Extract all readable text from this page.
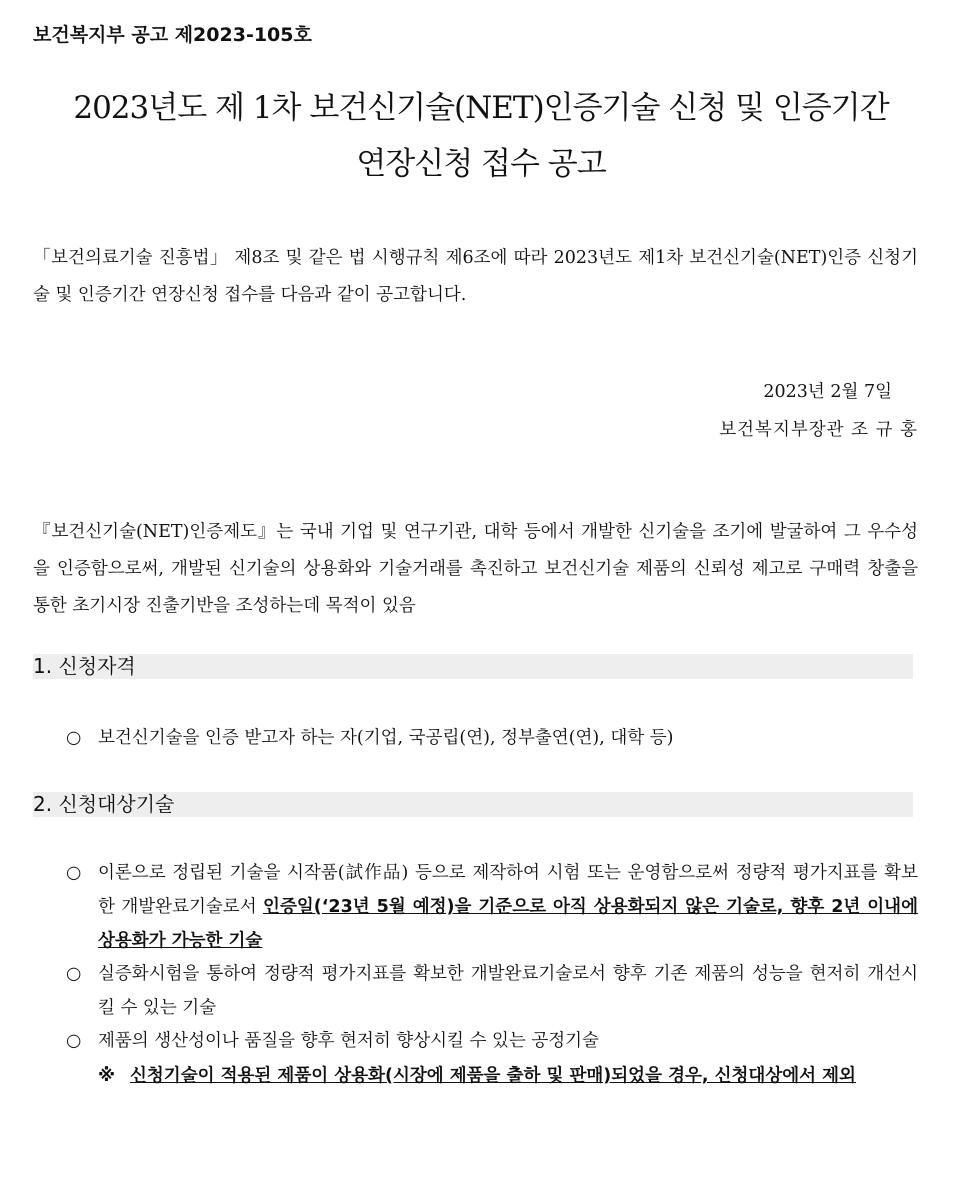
보건복지부 공고 제2023-105호
2023년도 제 1차 보건신기술(NET)인증기술 신청 및 인증기간
연장신청 접수 공고
「보건의료기술 진흥법」 제8조 및 같은 법 시행규칙 제6조에 따라 2023년도 제1차 보건신기술(NET)인증 신청기술 및 인증기간 연장신청 접수를 다음과 같이 공고합니다.
2023년 2월 7일
보건복지부장관 조 규 홍
『보건신기술(NET)인증제도』는 국내 기업 및 연구기관, 대학 등에서 개발한 신기술을 조기에 발굴하여 그 우수성을 인증함으로써, 개발된 신기술의 상용화와 기술거래를 촉진하고 보건신기술 제품의 신뢰성 제고로 구매력 창출을 통한 초기시장 진출기반을 조성하는데 목적이 있음
1. 신청자격
○ 보건신기술을 인증 받고자 하는 자(기업, 국공립(연), 정부출연(연), 대학 등)
2. 신청대상기술
○ 이론으로 정립된 기술을 시작품(試作品) 등으로 제작하여 시험 또는 운영함으로써 정량적 평가지표를 확보한 개발완료기술로서 인증일(‘23년 5월 예정)을 기준으로 아직 상용화되지 않은 기술로, 향후 2년 이내에 상용화가 가능한 기술
○ 실증화시험을 통하여 정량적 평가지표를 확보한 개발완료기술로서 향후 기존 제품의 성능을 현저히 개선시킬 수 있는 기술
○ 제품의 생산성이나 품질을 향후 현저히 향상시킬 수 있는 공정기술
※ 신청기술이 적용된 제품이 상용화(시장에 제품을 출하 및 판매)되었을 경우, 신청대상에서 제외
